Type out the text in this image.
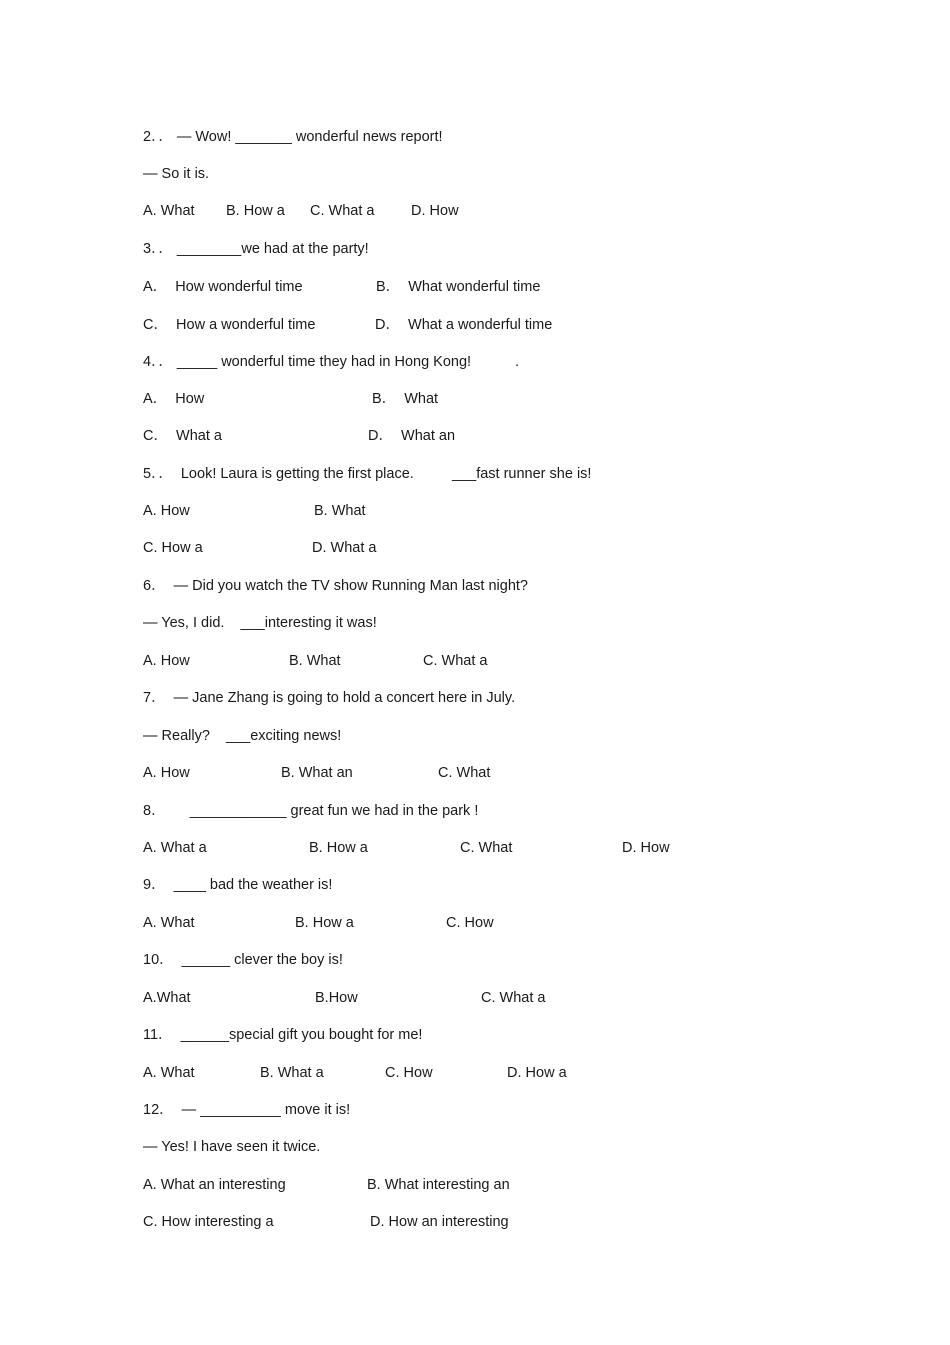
2．． — Wow! _______ wonderful news report!
— So it is.

A. What

B. How a

C. What a

	D. How

3．． ________we had at the party!

A．  How wonderful time

	B．  What wonderful time

C．  How a wonderful time

	D．  What a wonderful time

4．． _____ wonderful time they had in Hong Kong!

	.

A．  How

	B．  What

C．  What a

	D．  What an

5．．  Look! Laura is getting the first place.

	___fast runner she is!

A. How

	B. What

C. How a

	D. What a

6．  — Did you watch the TV show Running Man last night?
— Yes, I did.    ___interesting it was!

A. How

	B. What

	C. What a

7．  — Jane Zhang is going to hold a concert here in July.
— Really?    ___exciting news!

A. How

	B. What an

	C. What

8．      ____________ great fun we had in the park !

A. What a

	B. How a

	C. What

	D. How

9．  ____ bad the weather is!

A. What

	B. How a

	C. How

10．  ______ clever the boy is!

A.What

	B.How

	C. What a

11．  ______special gift you bought for me!

A. What

	B. What a

	C. How

	D. How a

12．  — __________ move it is!
— Yes! I have seen it twice.

A. What an interesting

	B. What interesting an

C. How interesting a

	D. How an interesting
